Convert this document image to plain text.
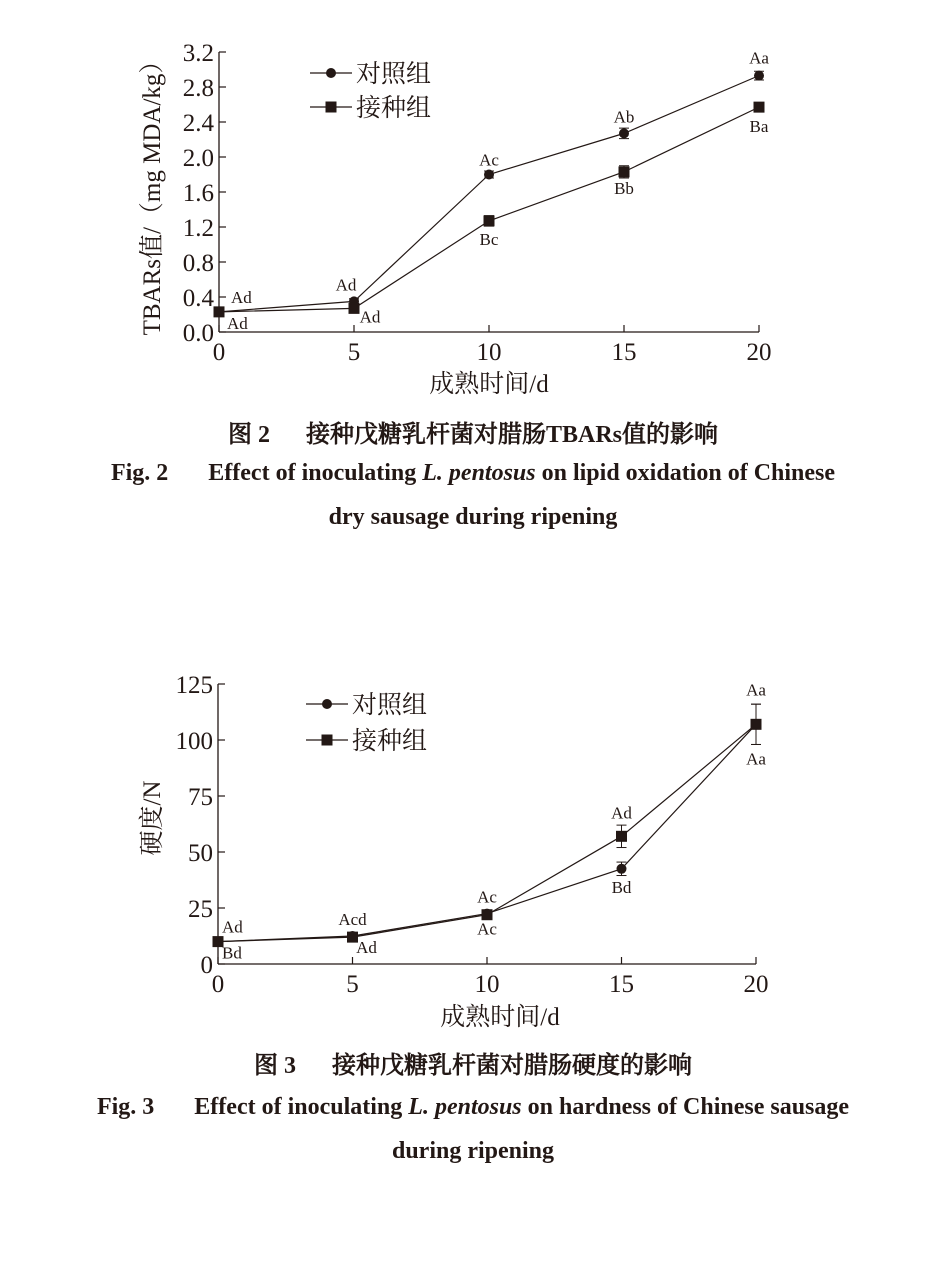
0.0
0.4
0.8
1.2
1.6
2.0
2.4
2.8
3.2
0	5	10	15	20
TBARs值/（mg MDA/kg）
成熟时间/d
Ad
Ad
Ac
Ab
Aa
Ad	Ad
Bc
Bb
Ba
对照组
接种组
0
25
50
75
100
125
0	5	10	15	20
硬度/N
成熟时间/d
Ad	Acd
Ac
Bd
Aa
Bd	Ad
Ac
Ad
Aa
对照组
接种组
图 2 接种戊糖乳杆菌对腊肠TBARs值的影响
Fig. 2 Effect of inoculating L. pentosus on lipid oxidation of Chinese
dry sausage during ripening
图 3 接种戊糖乳杆菌对腊肠硬度的影响
Fig. 3 Effect of inoculating L. pentosus on hardness of Chinese sausage
during ripening
